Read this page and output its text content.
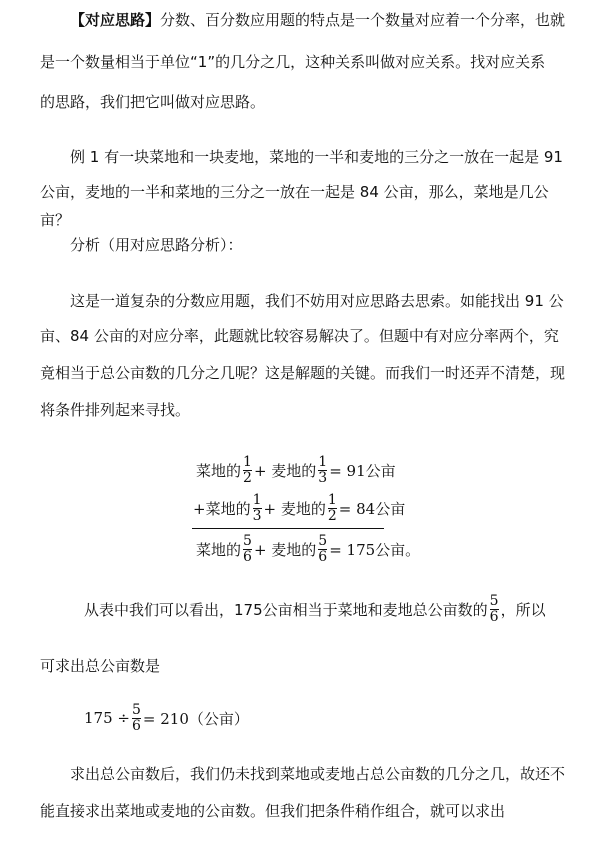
【对应思路】分数、百分数应用题的特点是一个数量对应着一个分率，也就
是一个数量相当于单位“1”的几分之几，这种关系叫做对应关系。找对应关系
的思路，我们把它叫做对应思路。
例 1 有一块菜地和一块麦地，菜地的一半和麦地的三分之一放在一起是 91
公亩，麦地的一半和菜地的三分之一放在一起是 84 公亩，那么，菜地是几公亩？
分析（用对应思路分析）：
这是一道复杂的分数应用题，我们不妨用对应思路去思索。如能找出 91 公
亩、84 公亩的对应分率，此题就比较容易解决了。但题中有对应分率两个，究
竟相当于总公亩数的几分之几呢？这是解题的关键。而我们一时还弄不清楚，现
将条件排列起来寻找。
菜地的 $\frac{1}{2}$ + 麦地的 $\frac{1}{3} = 91$公亩
+菜地的 $\frac{1}{3}$ + 麦地的 $\frac{1}{2} = 84$公亩
菜地的 $\frac{5}{6}$ + 麦地的 $\frac{5}{6} = 175$公亩。
从表中我们可以看出，175公亩相当于菜地和麦地总公亩数的 $\frac{5}{6}$ ，所以
可求出总公亩数是
$175 \div \frac{5}{6} = 210$（公亩）
求出总公亩数后，我们仍未找到菜地或麦地占总公亩数的几分之几，故还不
能直接求出菜地或麦地的公亩数。但我们把条件稍作组合，就可以求出
